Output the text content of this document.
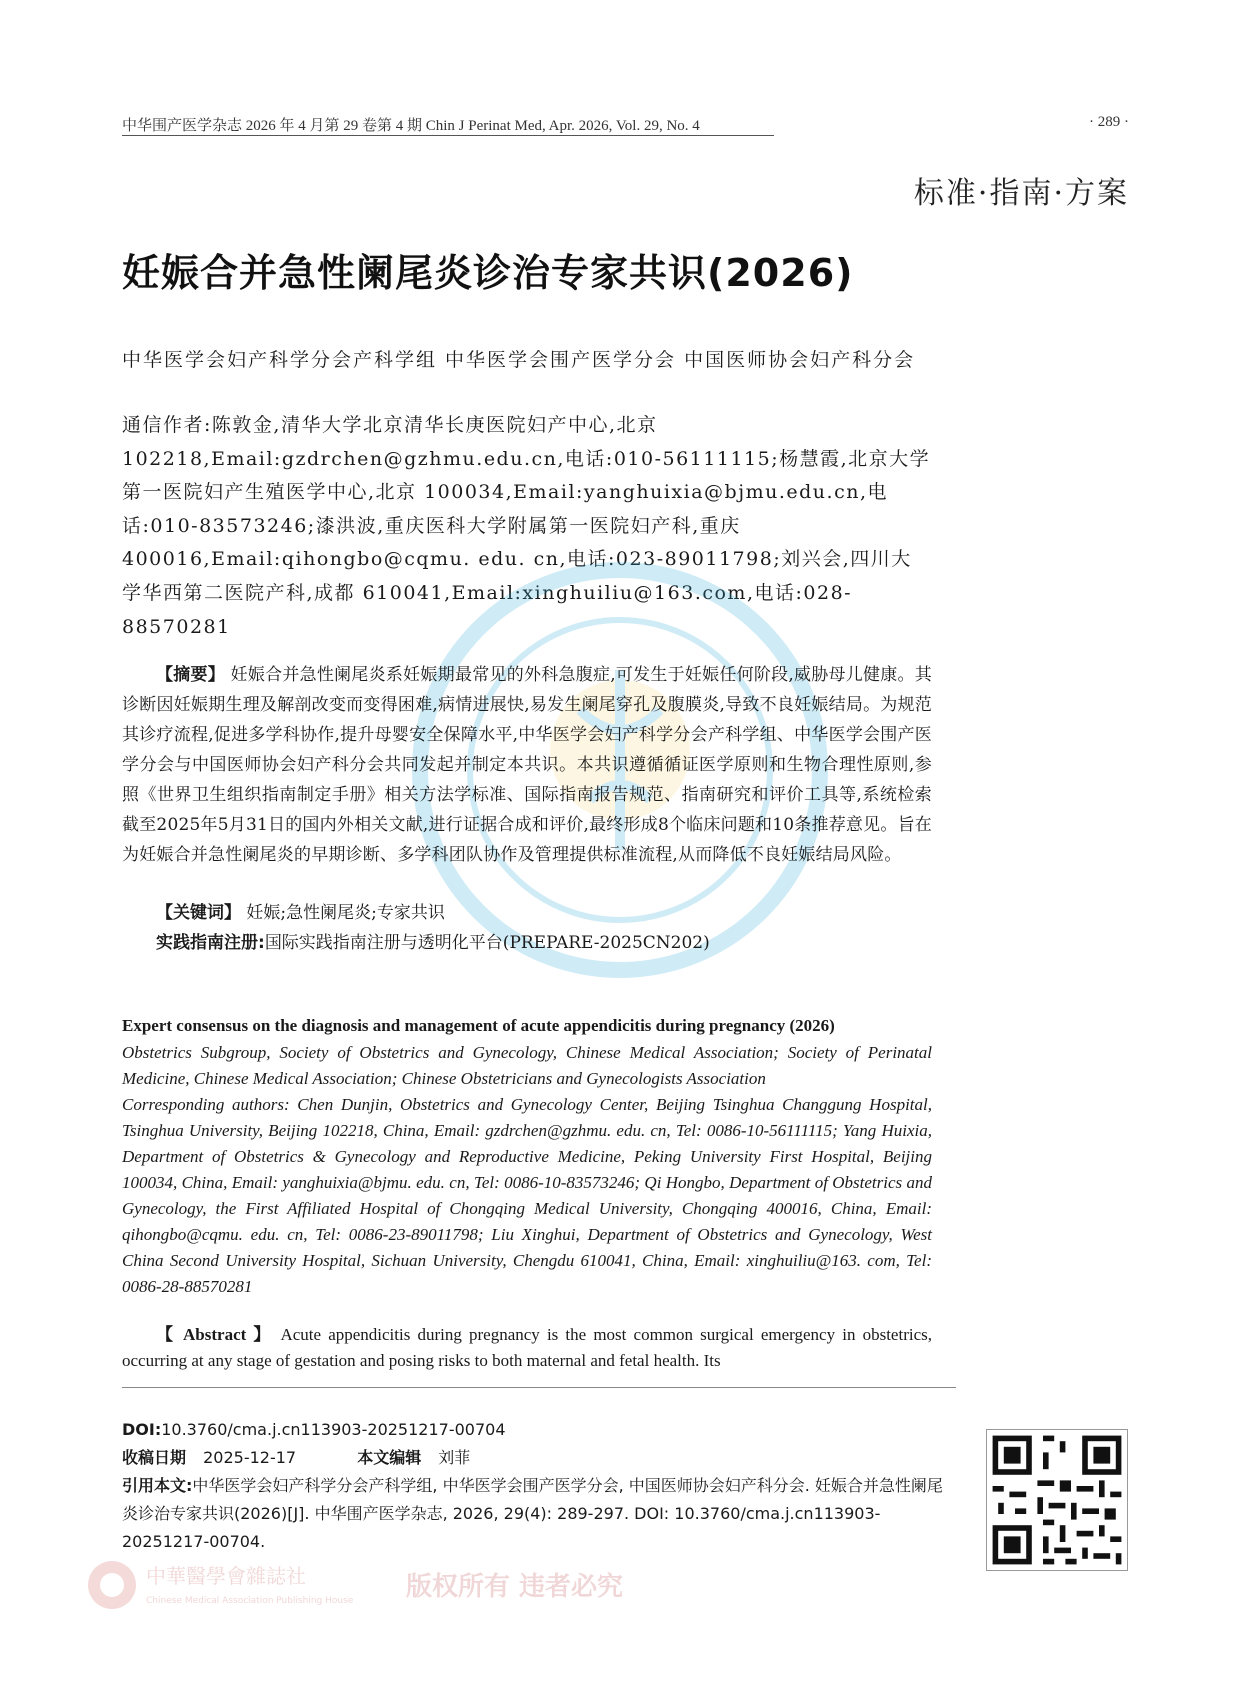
中华围产医学杂志 2026 年 4 月第 29 卷第 4 期 Chin J Perinat Med, Apr. 2026, Vol. 29, No. 4	· 289 ·
标准·指南·方案
妊娠合并急性阑尾炎诊治专家共识(2026)
中华医学会妇产科学分会产科学组 中华医学会围产医学分会 中国医师协会妇产科分会
通信作者:陈敦金,清华大学北京清华长庚医院妇产中心,北京 102218,Email:gzdrchen@gzhmu.edu.cn,电话:010-56111115;杨慧霞,北京大学第一医院妇产生殖医学中心,北京 100034,Email:yanghuixia@bjmu.edu.cn,电话:010-83573246;漆洪波,重庆医科大学附属第一医院妇产科,重庆 400016,Email:qihongbo@cqmu. edu. cn,电话:023-89011798;刘兴会,四川大学华西第二医院产科,成都 610041,Email:xinghuiliu@163.com,电话:028-88570281
【摘要】 妊娠合并急性阑尾炎系妊娠期最常见的外科急腹症,可发生于妊娠任何阶段,威胁母儿健康。其诊断因妊娠期生理及解剖改变而变得困难,病情进展快,易发生阑尾穿孔及腹膜炎,导致不良妊娠结局。为规范其诊疗流程,促进多学科协作,提升母婴安全保障水平,中华医学会妇产科学分会产科学组、中华医学会围产医学分会与中国医师协会妇产科分会共同发起并制定本共识。本共识遵循循证医学原则和生物合理性原则,参照《世界卫生组织指南制定手册》相关方法学标准、国际指南报告规范、指南研究和评价工具等,系统检索截至2025年5月31日的国内外相关文献,进行证据合成和评价,最终形成8个临床问题和10条推荐意见。旨在为妊娠合并急性阑尾炎的早期诊断、多学科团队协作及管理提供标准流程,从而降低不良妊娠结局风险。
【关键词】 妊娠;急性阑尾炎;专家共识
实践指南注册:国际实践指南注册与透明化平台(PREPARE-2025CN202)
Expert consensus on the diagnosis and management of acute appendicitis during pregnancy (2026)
Obstetrics Subgroup, Society of Obstetrics and Gynecology, Chinese Medical Association; Society of Perinatal Medicine, Chinese Medical Association; Chinese Obstetricians and Gynecologists Association
Corresponding authors: Chen Dunjin, Obstetrics and Gynecology Center, Beijing Tsinghua Changgung Hospital, Tsinghua University, Beijing 102218, China, Email: gzdrchen@gzhmu. edu. cn, Tel: 0086-10-56111115; Yang Huixia, Department of Obstetrics & Gynecology and Reproductive Medicine, Peking University First Hospital, Beijing 100034, China, Email: yanghuixia@bjmu. edu. cn, Tel: 0086-10-83573246; Qi Hongbo, Department of Obstetrics and Gynecology, the First Affiliated Hospital of Chongqing Medical University, Chongqing 400016, China, Email: qihongbo@cqmu. edu. cn, Tel: 0086-23-89011798; Liu Xinghui, Department of Obstetrics and Gynecology, West China Second University Hospital, Sichuan University, Chengdu 610041, China, Email: xinghuiliu@163. com, Tel: 0086-28-88570281
【 Abstract 】 Acute appendicitis during pregnancy is the most common surgical emergency in obstetrics, occurring at any stage of gestation and posing risks to both maternal and fetal health. Its
DOI:10.3760/cma.j.cn113903-20251217-00704
收稿日期 2025-12-17	本文编辑 刘菲
引用本文:中华医学会妇产科学分会产科学组, 中华医学会围产医学分会, 中国医师协会妇产科分会. 妊娠合并急性阑尾炎诊治专家共识(2026)[J]. 中华围产医学杂志, 2026, 29(4): 289-297. DOI: 10.3760/cma.j.cn113903-20251217-00704.
中華醫學會雜誌社
Chinese Medical Association Publishing House 版权所有 违者必究
